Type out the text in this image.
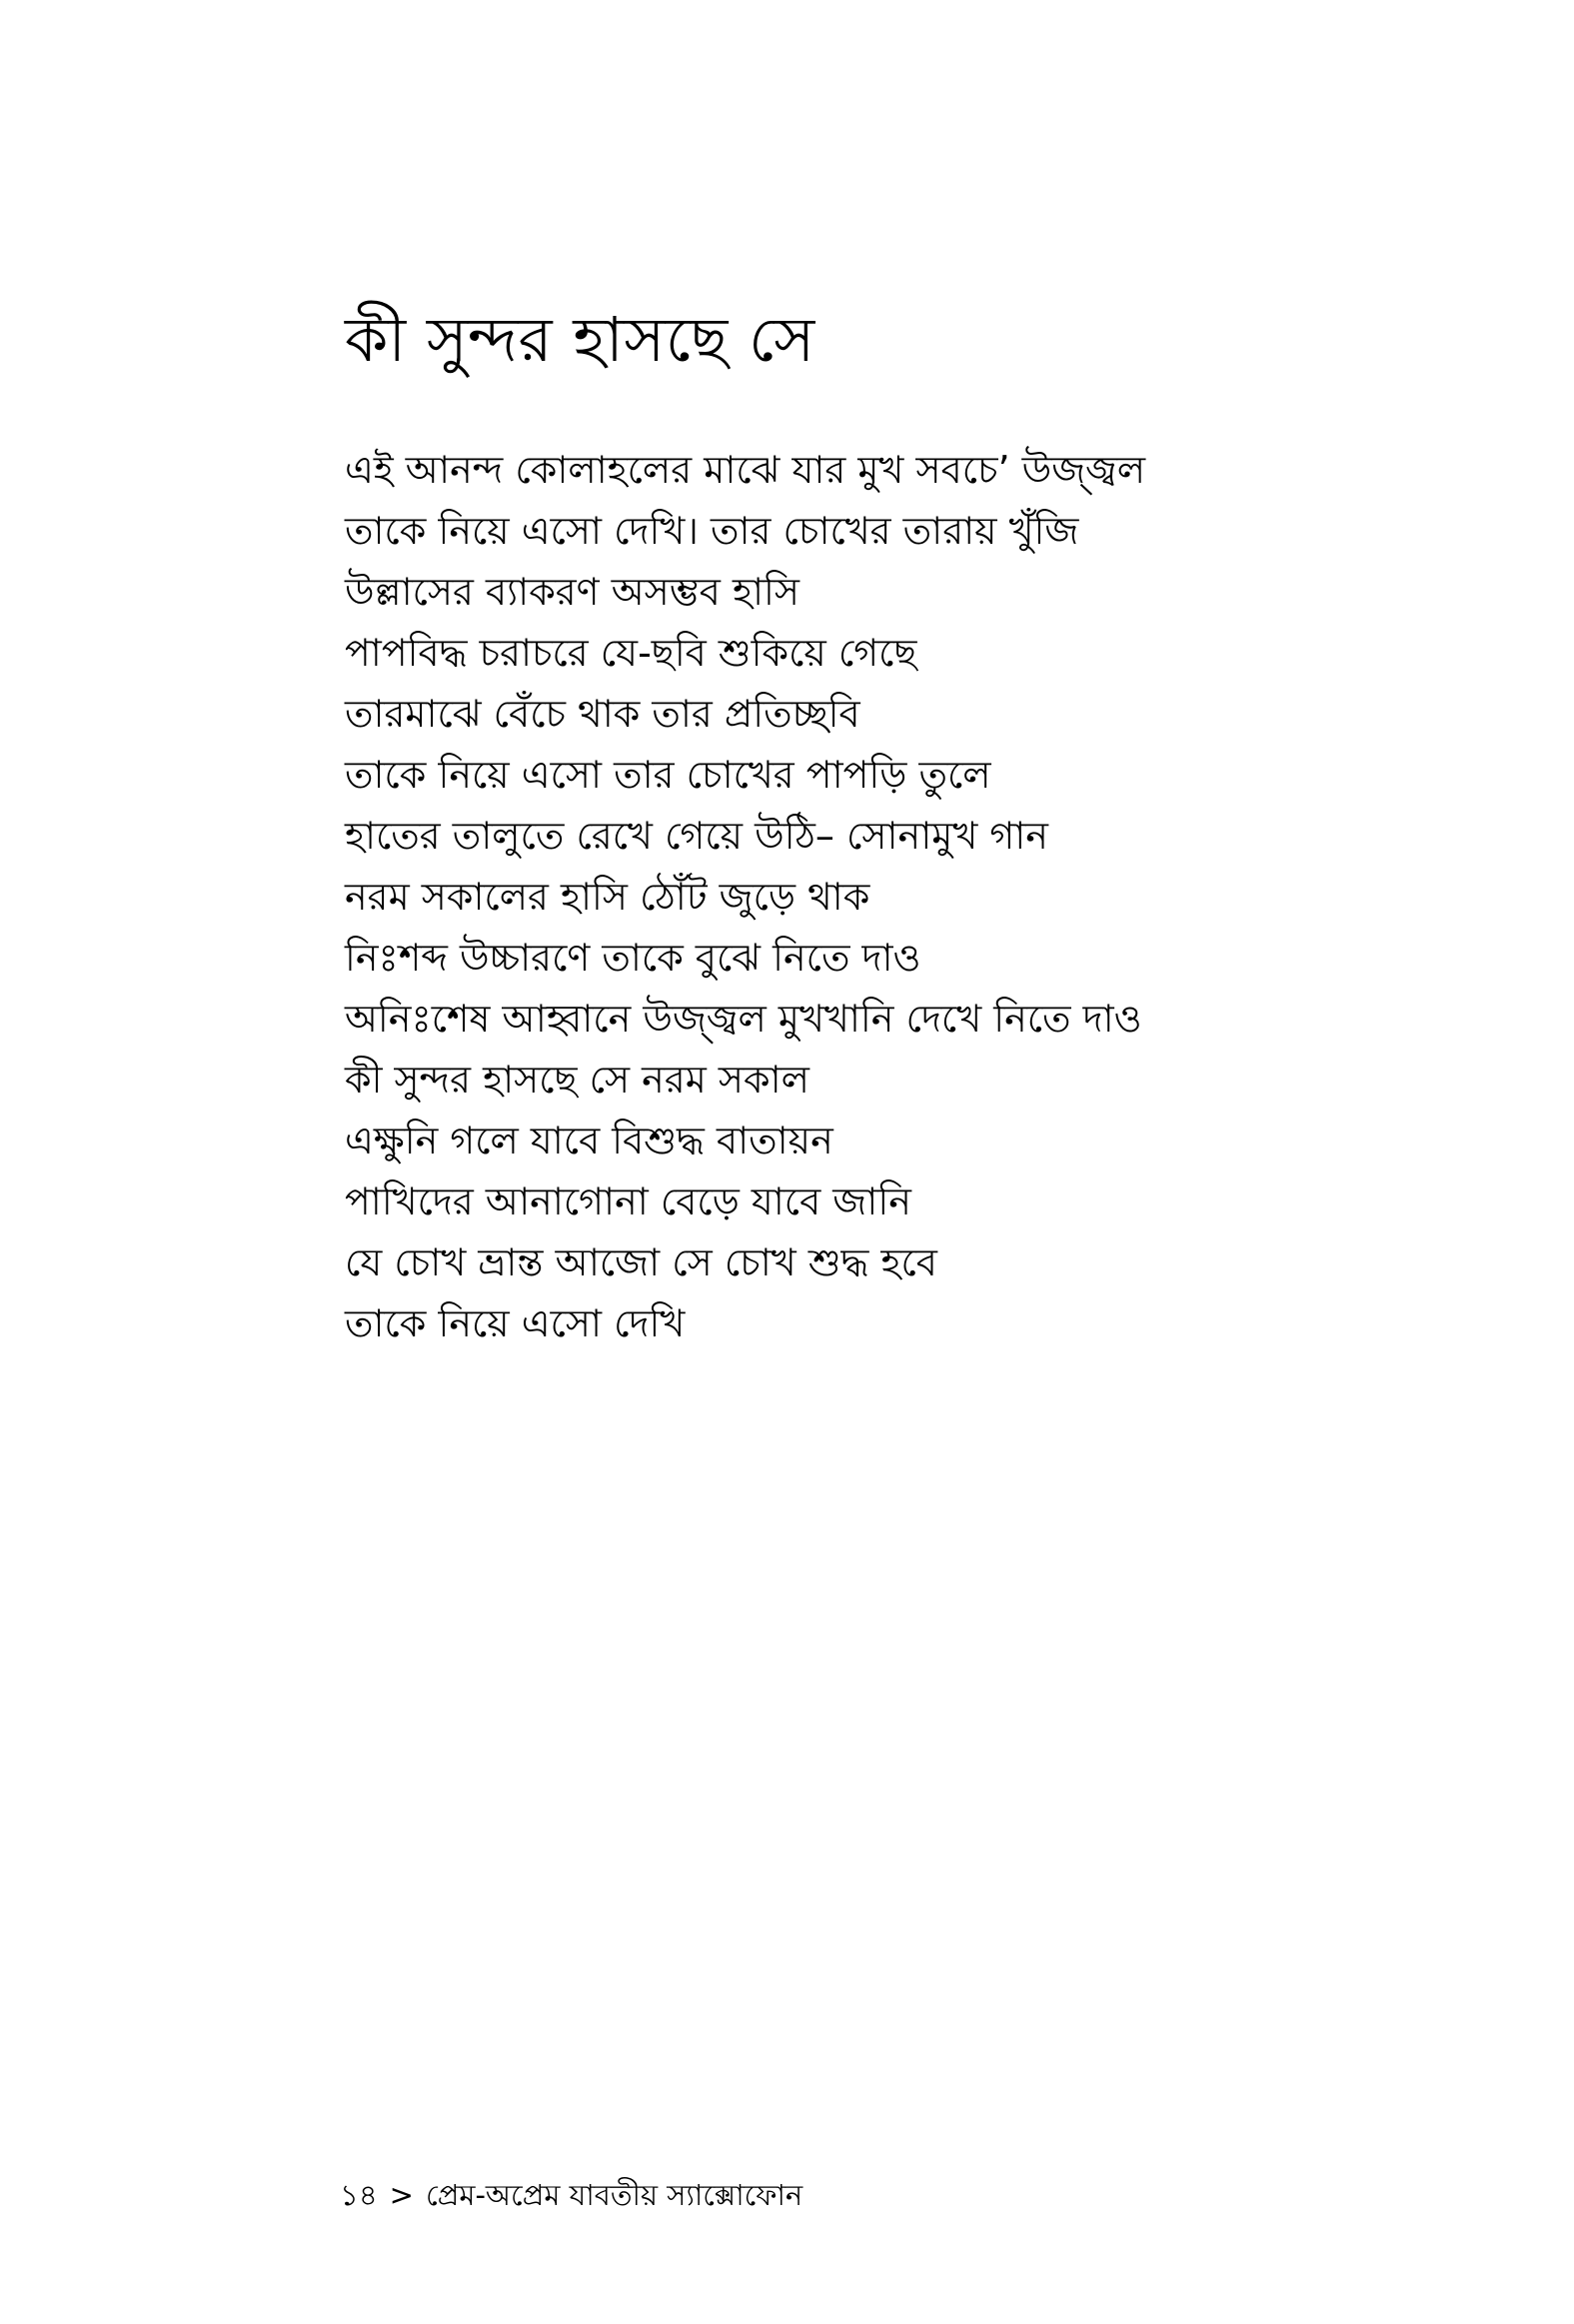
কী সুন্দর হাসছে সে
এই আনন্দ কোলাহলের মাঝে যার মুখ সবচে’ উজ্জ্বল
তাকে নিয়ে এসো দেখি। তার চোখের তারায় খুঁজি
উল্লাসের ব্যাকরণ অসম্ভব হাসি
পাপবিদ্ধ চরাচরে যে-ছবি শুকিয়ে গেছে
তারমাঝে বেঁচে থাক তার প্রতিচ্ছবি
তাকে নিয়ে এসো তার চোখের পাপড়ি তুলে
হাতের তালুতে রেখে গেয়ে উঠি– সোনামুখ গান
নরম সকালের হাসি ঠোঁট জুড়ে থাক
নিঃশব্দ উচ্চারণে তাকে বুঝে নিতে দাও
অনিঃশেষ আহ্বানে উজ্জ্বল মুখখানি দেখে নিতে দাও
কী সুন্দর হাসছে সে নরম সকাল
এক্ষুনি গলে যাবে বিশুদ্ধ বাতায়ন
পাখিদের আনাগোনা বেড়ে যাবে জানি
যে চোখ ভ্রান্ত আজো সে চোখ শুদ্ধ হবে
তাকে নিয়ে এসো দেখি
১৪ > প্রেম-অপ্রেম যাবতীয় স্যাক্সোফোন
